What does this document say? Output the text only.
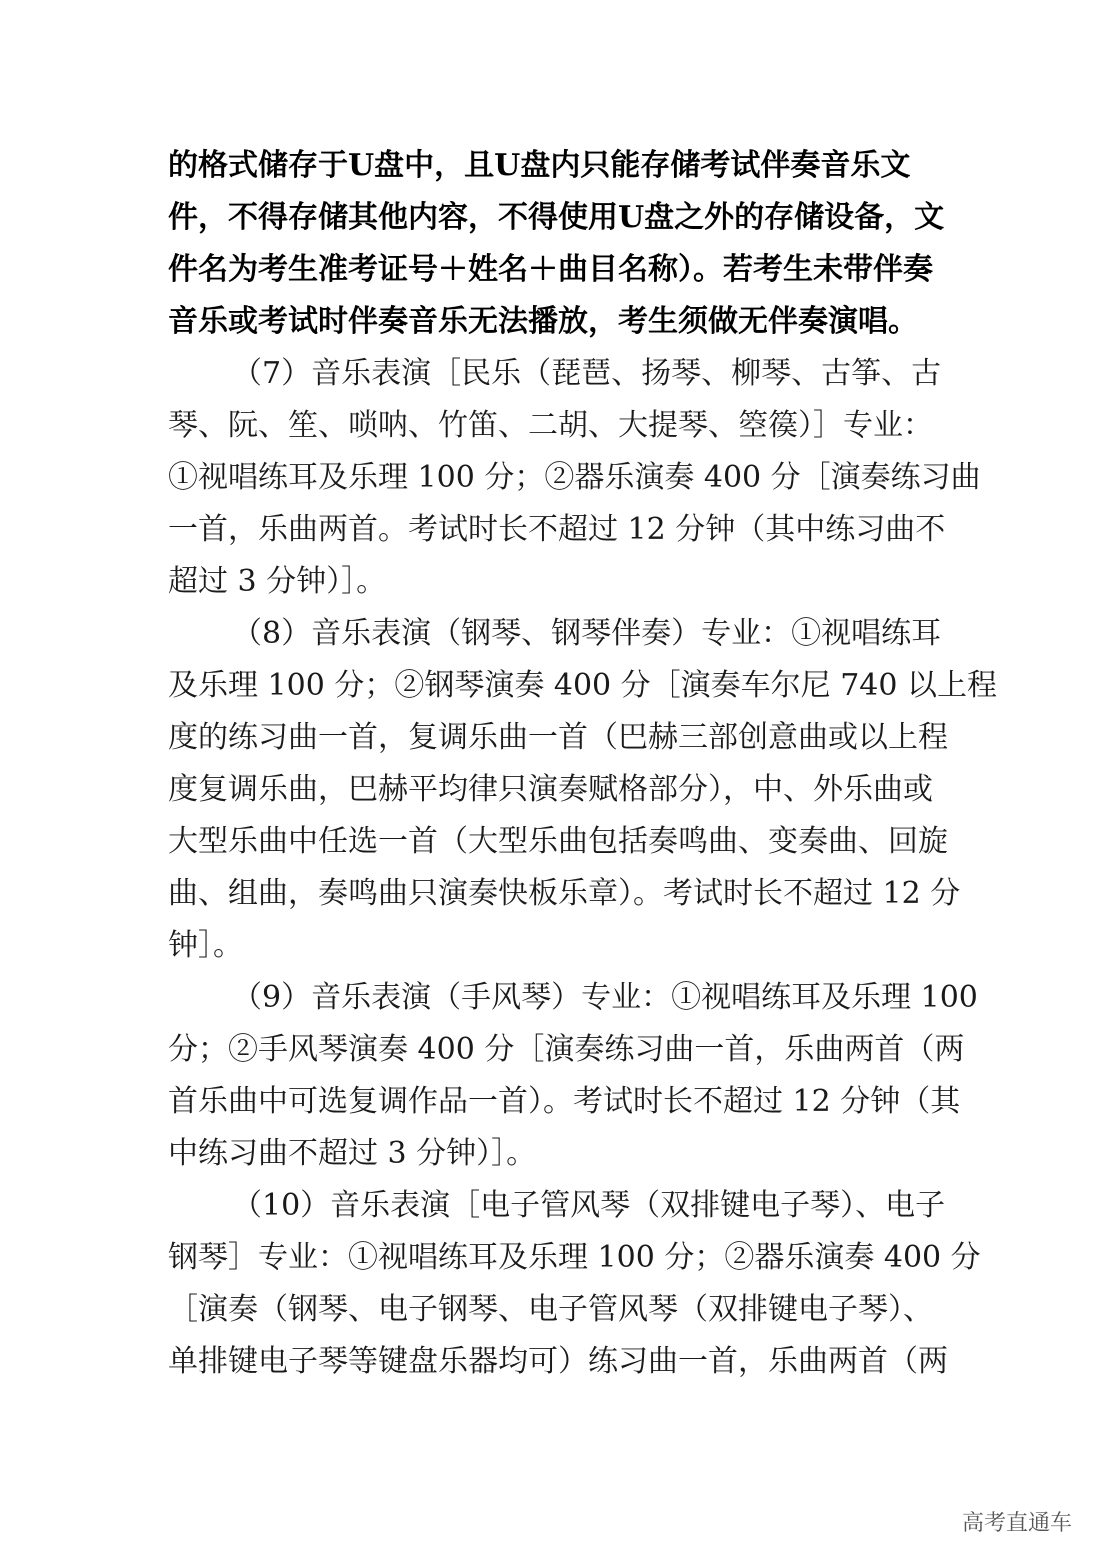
的格式储存于U盘中，且U盘内只能存储考试伴奏音乐文
件，不得存储其他内容，不得使用U盘之外的存储设备，文
件名为考生准考证号＋姓名＋曲目名称）。若考生未带伴奏
音乐或考试时伴奏音乐无法播放，考生须做无伴奏演唱。
（7）音乐表演［民乐（琵琶、扬琴、柳琴、古筝、古
琴、阮、笙、唢呐、竹笛、二胡、大提琴、箜篌）］专业：
①视唱练耳及乐理 100 分；②器乐演奏 400 分［演奏练习曲
一首，乐曲两首。考试时长不超过 12 分钟（其中练习曲不
超过 3 分钟）］。
（8）音乐表演（钢琴、钢琴伴奏）专业：①视唱练耳
及乐理 100 分；②钢琴演奏 400 分［演奏车尔尼 740 以上程
度的练习曲一首，复调乐曲一首（巴赫三部创意曲或以上程
度复调乐曲，巴赫平均律只演奏赋格部分），中、外乐曲或
大型乐曲中任选一首（大型乐曲包括奏鸣曲、变奏曲、回旋
曲、组曲，奏鸣曲只演奏快板乐章）。考试时长不超过 12 分
钟］。
（9）音乐表演（手风琴）专业：①视唱练耳及乐理 100
分；②手风琴演奏 400 分［演奏练习曲一首，乐曲两首（两
首乐曲中可选复调作品一首）。考试时长不超过 12 分钟（其
中练习曲不超过 3 分钟）］。
（10）音乐表演［电子管风琴（双排键电子琴）、电子
钢琴］专业：①视唱练耳及乐理 100 分；②器乐演奏 400 分
［演奏（钢琴、电子钢琴、电子管风琴（双排键电子琴）、
单排键电子琴等键盘乐器均可）练习曲一首，乐曲两首（两
高考直通车
